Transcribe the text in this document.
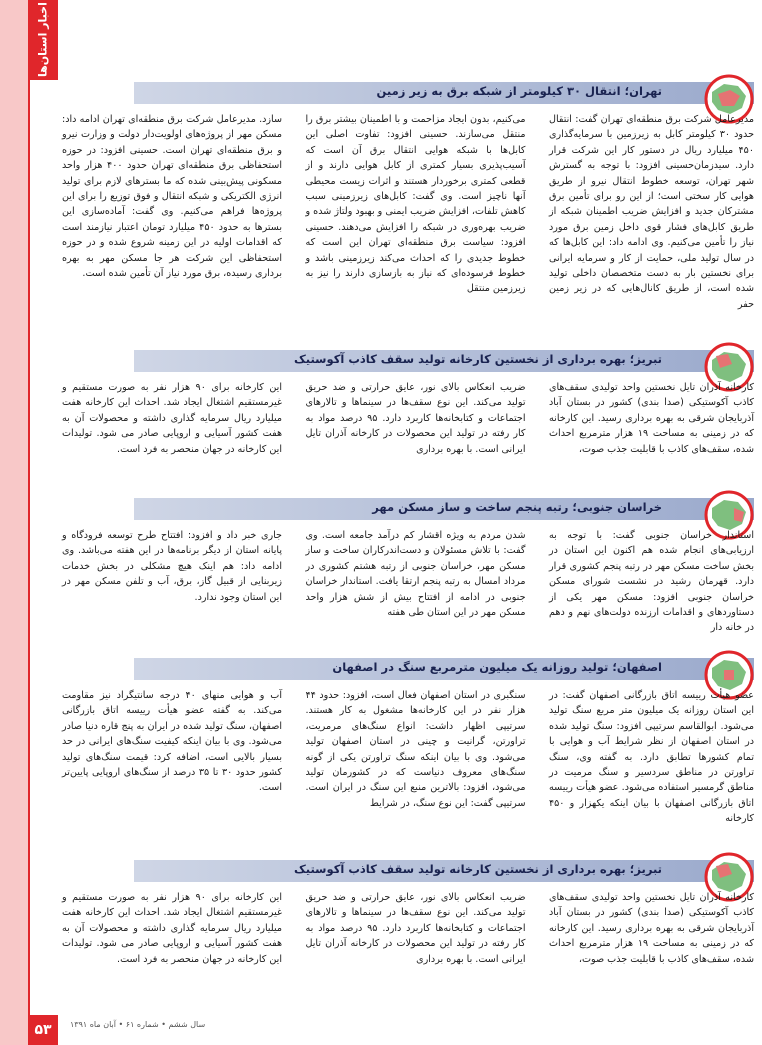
اخبار استان‌ها
۵۳	سال ششم • شماره ۶۱ • آبان ماه ۱۳۹۱
تهران؛ انتقال ۳۰ کیلومتر از شبکه برق به زیر زمین
مدیرعامل شرکت برق منطقه‌ای تهران گفت: انتقال حدود ۳۰ کیلومتر کابل به زیرزمین با سرمایه‌گذاری ۴۵۰ میلیارد ریال در دستور کار این شرکت قرار دارد. سیدزمان‌حسینی افزود: با توجه به گسترش شهر تهران، توسعه خطوط انتقال نیرو از طریق هوایی کار سختی است؛ از این رو برای تأمین برق مشترکان جدید و افزایش ضریب اطمینان شبکه از طریق کابل‌های فشار قوی داخل زمین برق مورد نیاز را تأمین می‌کنیم. وی ادامه داد: این کابل‌ها که در سال تولید ملی، حمایت از کار و سرمایه ایرانی برای نخستین بار به دست متخصصان داخلی تولید شده است، از طریق کانال‌هایی که در زیر زمین حفر
می‌کنیم، بدون ایجاد مزاحمت و با اطمینان بیشتر برق را منتقل می‌سازند. حسینی افزود: تفاوت اصلی این کابل‌ها با شبکه هوایی انتقال برق آن است که آسیب‌پذیری بسیار کمتری از کابل هوایی دارند و از قطعی کمتری برخوردار هستند و اثرات زیست محیطی آنها ناچیز است. وی گفت: کابل‌های زیرزمینی سبب کاهش تلفات، افزایش ضریب ایمنی و بهبود ولتاژ شده و ضریب بهره‌وری در شبکه را افزایش می‌دهند. حسینی افزود: سیاست برق منطقه‌ای تهران این است که خطوط جدیدی را که احداث می‌کند زیرزمینی باشد و خطوط فرسوده‌ای که نیاز به بازسازی دارند را نیز به زیرزمین منتقل
سازد. مدیرعامل شرکت برق منطقه‌ای تهران ادامه داد: مسکن مهر از پروژه‌های اولویت‌دار دولت و وزارت نیرو و برق منطقه‌ای تهران است. حسینی افزود: در حوزه استحفاظی برق منطقه‌ای تهران حدود ۴۰۰ هزار واحد مسکونی پیش‌بینی شده که ما بسترهای لازم برای تولید انرژی الکتریکی و شبکه انتقال و فوق توزیع را برای این پروژه‌ها فراهم می‌کنیم. وی گفت: آماده‌سازی این بسترها به حدود ۴۵۰ میلیارد تومان اعتبار نیازمند است که اقدامات اولیه در این زمینه شروع شده و در حوزه استحفاظی این شرکت هر جا مسکن مهر به بهره برداری رسیده، برق مورد نیاز آن تأمین شده است.
تبریز؛ بهره برداری از نخستین کارخانه تولید سقف کاذب آکوستیک
کارخانه آذران تایل نخستین واحد تولیدی سقف‌های کاذب آکوستیکی (صدا بندی) کشور در بستان آباد آذربایجان شرقی به بهره برداری رسید. این کارخانه که در زمینی به مساحت ۱۹ هزار مترمربع احداث شده، سقف‌های کاذب با قابلیت جذب صوت،
ضریب انعکاس بالای نور، عایق حرارتی و ضد حریق تولید می‌کند. این نوع سقف‌ها در سینماها و تالارهای اجتماعات و کتابخانه‌ها کاربرد دارد. ۹۵ درصد مواد به کار رفته در تولید این محصولات در کارخانه آذران تایل ایرانی است. با بهره برداری
این کارخانه برای ۹۰ هزار نفر به صورت مستقیم و غیرمستقیم اشتغال ایجاد شد. احداث این کارخانه هفت میلیارد ریال سرمایه گذاری داشته و محصولات آن به هفت کشور آسیایی و اروپایی صادر می شود. تولیدات این کارخانه در جهان منحصر به فرد است.
خراسان جنوبی؛ رتبه پنجم ساخت و ساز مسکن مهر
استاندار خراسان جنوبی گفت: با توجه به ارزیابی‌های انجام شده هم اکنون این استان در بخش ساخت مسکن مهر در رتبه پنجم کشوری قرار دارد. قهرمان رشید در نشست شورای مسکن خراسان جنوبی افزود: مسکن مهر یکی از دستاوردهای و اقدامات ارزنده دولت‌های نهم و دهم در خانه دار
شدن مردم به ویژه اقشار کم درآمد جامعه است. وی گفت: با تلاش مسئولان و دست‌اندرکاران ساخت و ساز مسکن مهر، خراسان جنوبی از رتبه هشتم کشوری در مرداد امسال به رتبه پنجم ارتقا یافت. استاندار خراسان جنوبی در ادامه از افتتاح بیش از شش هزار واحد مسکن مهر در این استان طی هفته
جاری خبر داد و افزود: افتتاح طرح توسعه فرودگاه و پایانه استان از دیگر برنامه‌ها در این هفته می‌باشد. وی ادامه داد: هم اینک هیچ مشکلی در بخش خدمات زیربنایی از قبیل گاز، برق، آب و تلفن مسکن مهر در این استان وجود ندارد.
اصفهان؛ تولید روزانه یک میلیون مترمربع سنگ در اصفهان
عضو هیأت رییسه اتاق بازرگانی اصفهان گفت: در این استان روزانه یک میلیون متر مربع سنگ تولید می‌شود. ابوالقاسم سرتیپی افزود: سنگ تولید شده در استان اصفهان از نظر شرایط آب و هوایی با تمام کشورها تطابق دارد. به گفته وی، سنگ تراورتن در مناطق سردسیر و سنگ مرمیت در مناطق گرمسیر استفاده می‌شود. عضو هیأت رییسه اتاق بازرگانی اصفهان با بیان اینکه یکهزار و ۴۵۰ کارخانه
سنگبری در استان اصفهان فعال است، افزود: حدود ۴۴ هزار نفر در این کارخانه‌ها مشغول به کار هستند. سرتیپی اظهار داشت: انواع سنگ‌های مرمریت، تراورتن، گرانیت و چینی در استان اصفهان تولید می‌شود. وی با بیان اینکه سنگ تراورتن یکی از گونه سنگ‌های معروف دنیاست که در کشورمان تولید می‌شود، افزود: بالاترین منبع این سنگ در ایران است. سرتیپی گفت: این نوع سنگ، در شرایط
آب و هوایی منهای ۴۰ درجه سانتیگراد نیز مقاومت می‌کند. به گفته عضو هیأت رییسه اتاق بازرگانی اصفهان، سنگ تولید شده در ایران به پنج قاره دنیا صادر می‌شود. وی با بیان اینکه کیفیت سنگ‌های ایرانی در حد بسیار بالایی است، اضافه کرد: قیمت سنگ‌های تولید کشور حدود ۳۰ تا ۳۵ درصد از سنگ‌های اروپایی پایین‌تر است.
تبریز؛ بهره برداری از نخستین کارخانه تولید سقف کاذب آکوستیک
کارخانه آذران تایل نخستین واحد تولیدی سقف‌های کاذب آکوستیکی (صدا بندی) کشور در بستان آباد آذربایجان شرقی به بهره برداری رسید. این کارخانه که در زمینی به مساحت ۱۹ هزار مترمربع احداث شده، سقف‌های کاذب با قابلیت جذب صوت،
ضریب انعکاس بالای نور، عایق حرارتی و ضد حریق تولید می‌کند. این نوع سقف‌ها در سینماها و تالارهای اجتماعات و کتابخانه‌ها کاربرد دارد. ۹۵ درصد مواد به کار رفته در تولید این محصولات در کارخانه آذران تایل ایرانی است. با بهره برداری
این کارخانه برای ۹۰ هزار نفر به صورت مستقیم و غیرمستقیم اشتغال ایجاد شد. احداث این کارخانه هفت میلیارد ریال سرمایه گذاری داشته و محصولات آن به هفت کشور آسیایی و اروپایی صادر می شود. تولیدات این کارخانه در جهان منحصر به فرد است.
